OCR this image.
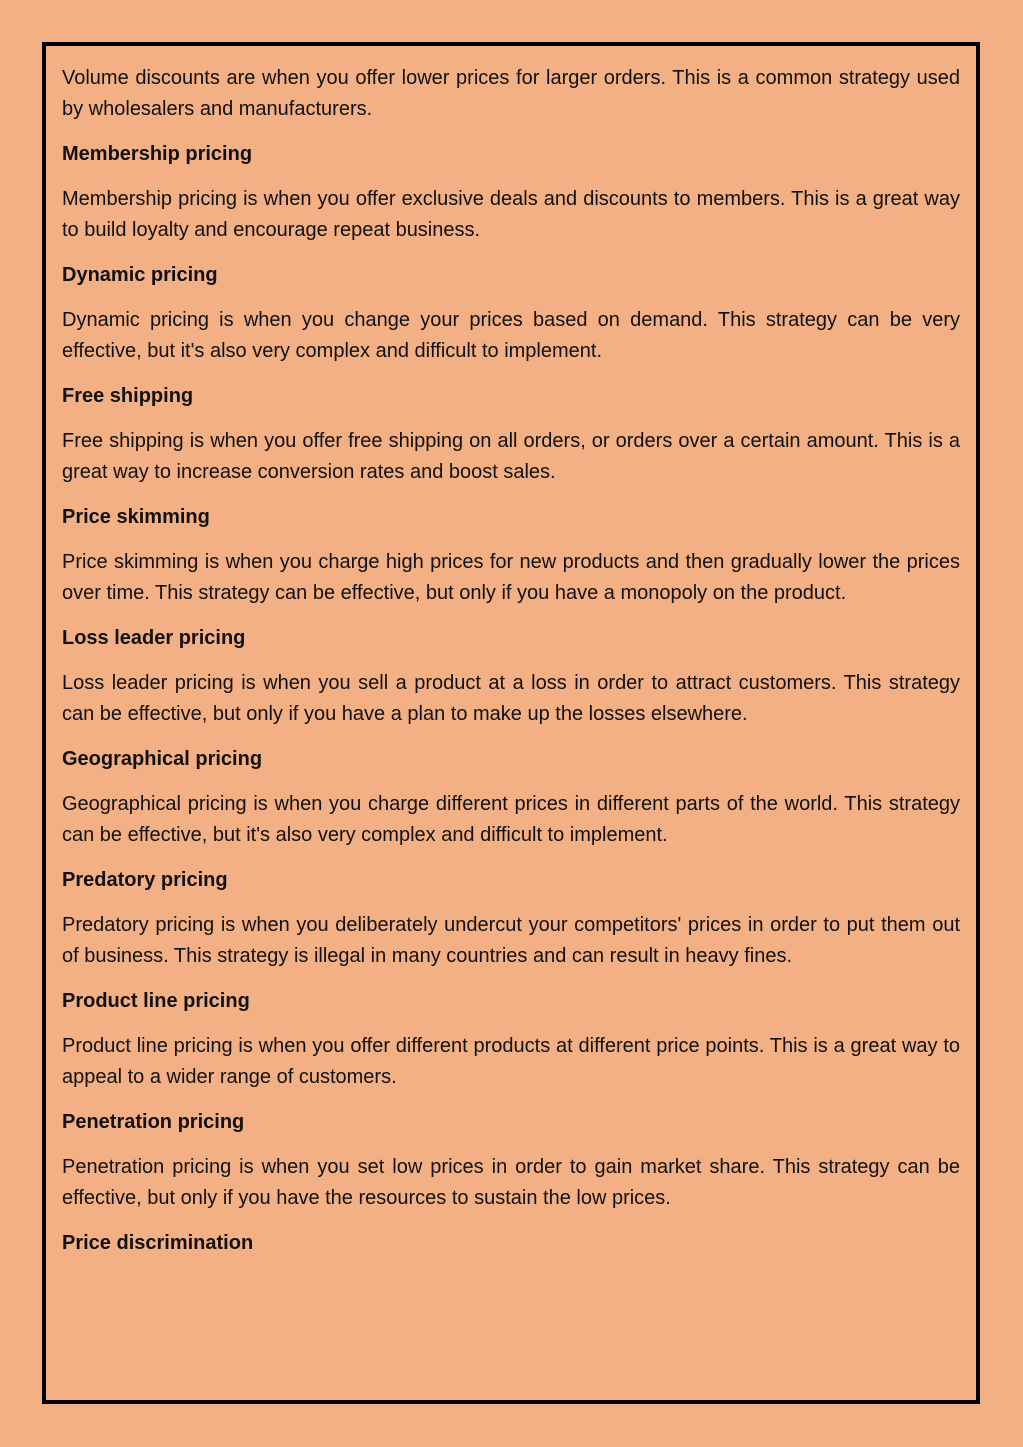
Volume discounts are when you offer lower prices for larger orders. This is a common strategy used by wholesalers and manufacturers.

Membership pricing

Membership pricing is when you offer exclusive deals and discounts to members. This is a great way to build loyalty and encourage repeat business.

Dynamic pricing

Dynamic pricing is when you change your prices based on demand. This strategy can be very effective, but it's also very complex and difficult to implement.

Free shipping

Free shipping is when you offer free shipping on all orders, or orders over a certain amount. This is a great way to increase conversion rates and boost sales.

Price skimming

Price skimming is when you charge high prices for new products and then gradually lower the prices over time. This strategy can be effective, but only if you have a monopoly on the product.

Loss leader pricing

Loss leader pricing is when you sell a product at a loss in order to attract customers. This strategy can be effective, but only if you have a plan to make up the losses elsewhere.

Geographical pricing

Geographical pricing is when you charge different prices in different parts of the world. This strategy can be effective, but it's also very complex and difficult to implement.

Predatory pricing

Predatory pricing is when you deliberately undercut your competitors' prices in order to put them out of business. This strategy is illegal in many countries and can result in heavy fines.

Product line pricing

Product line pricing is when you offer different products at different price points. This is a great way to appeal to a wider range of customers.

Penetration pricing

Penetration pricing is when you set low prices in order to gain market share. This strategy can be effective, but only if you have the resources to sustain the low prices.

Price discrimination
